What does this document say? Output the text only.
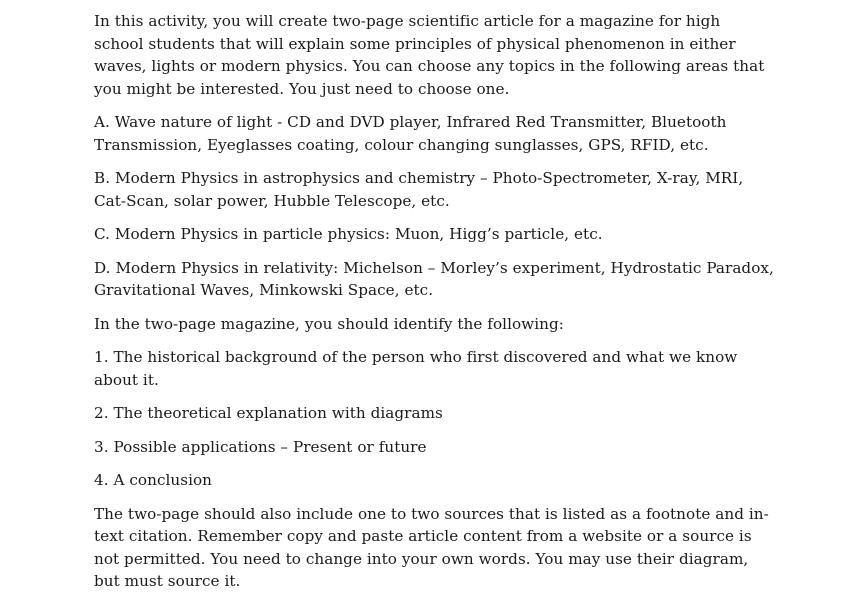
In this activity, you will create two-page scientific article for a magazine for high school students that will explain some principles of physical phenomenon in either waves, lights or modern physics. You can choose any topics in the following areas that you might be interested. You just need to choose one.

A. Wave nature of light - CD and DVD player, Infrared Red Transmitter, Bluetooth Transmission, Eyeglasses coating, colour changing sunglasses, GPS, RFID, etc.

B. Modern Physics in astrophysics and chemistry – Photo-Spectrometer, X-ray, MRI, Cat-Scan, solar power, Hubble Telescope, etc.

C. Modern Physics in particle physics: Muon, Higg’s particle, etc.

D. Modern Physics in relativity: Michelson – Morley’s experiment, Hydrostatic Paradox, Gravitational Waves, Minkowski Space, etc.

In the two-page magazine, you should identify the following:

1. The historical background of the person who first discovered and what we know about it.

2. The theoretical explanation with diagrams

3. Possible applications – Present or future

4. A conclusion

The two-page should also include one to two sources that is listed as a footnote and in-text citation. Remember copy and paste article content from a website or a source is not permitted. You need to change into your own words. You may use their diagram, but must source it.
